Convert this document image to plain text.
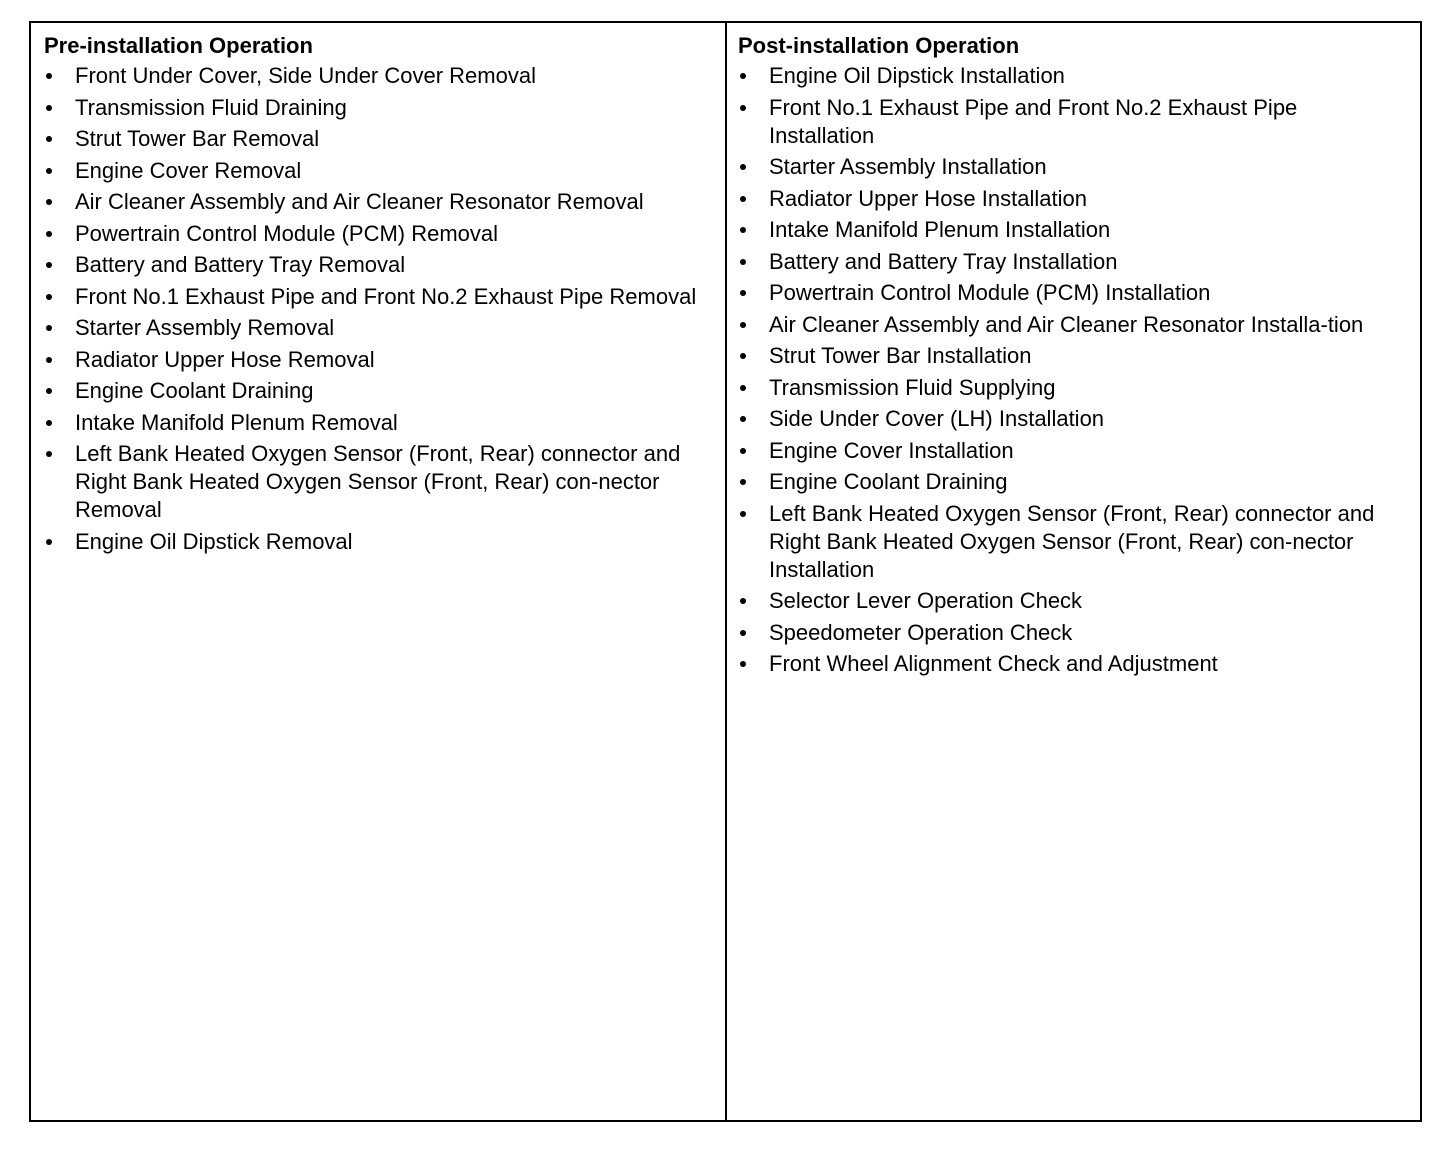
Pre-installation Operation
Front Under Cover, Side Under Cover Removal
Transmission Fluid Draining
Strut Tower Bar Removal
Engine Cover Removal
Air Cleaner Assembly and Air Cleaner Resonator Removal
Powertrain Control Module (PCM) Removal
Battery and Battery Tray Removal
Front No.1 Exhaust Pipe and Front No.2 Exhaust Pipe Removal
Starter Assembly Removal
Radiator Upper Hose Removal
Engine Coolant Draining
Intake Manifold Plenum Removal
Left Bank Heated Oxygen Sensor (Front, Rear) connector and Right Bank Heated Oxygen Sensor (Front, Rear) con-nector Removal
Engine Oil Dipstick Removal
Post-installation Operation
Engine Oil Dipstick Installation
Front No.1 Exhaust Pipe and Front No.2 Exhaust Pipe Installation
Starter Assembly Installation
Radiator Upper Hose Installation
Intake Manifold Plenum Installation
Battery and Battery Tray Installation
Powertrain Control Module (PCM) Installation
Air Cleaner Assembly and Air Cleaner Resonator Installa-tion
Strut Tower Bar Installation
Transmission Fluid Supplying
Side Under Cover (LH) Installation
Engine Cover Installation
Engine Coolant Draining
Left Bank Heated Oxygen Sensor (Front, Rear) connector and Right Bank Heated Oxygen Sensor (Front, Rear) con-nector Installation
Selector Lever Operation Check
Speedometer Operation Check
Front Wheel Alignment Check and Adjustment
